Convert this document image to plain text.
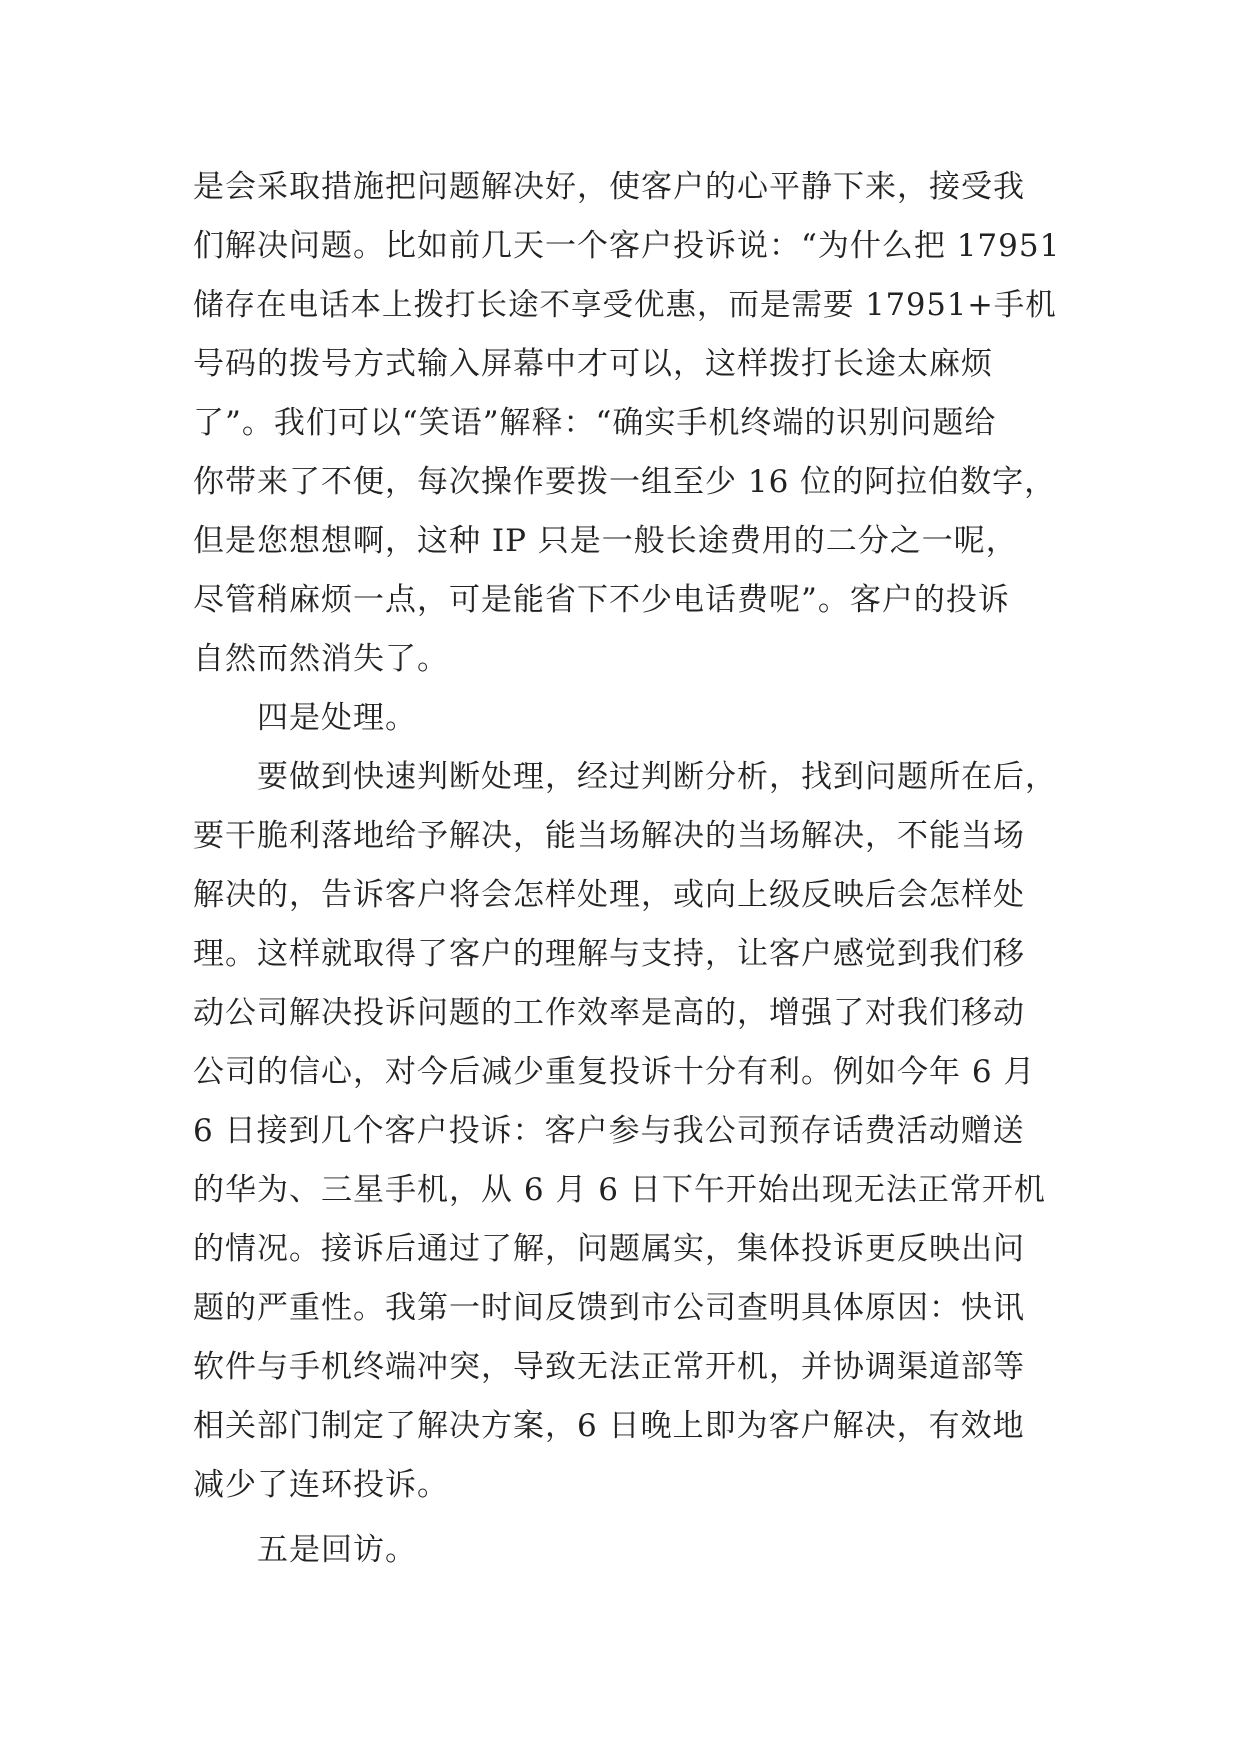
是会采取措施把问题解决好，使客户的心平静下来，接受我
们解决问题。比如前几天一个客户投诉说：“为什么把 17951
储存在电话本上拨打长途不享受优惠，而是需要 17951+手机
号码的拨号方式输入屏幕中才可以，这样拨打长途太麻烦
了”。我们可以“笑语”解释：“确实手机终端的识别问题给
你带来了不便，每次操作要拨一组至少 16 位的阿拉伯数字，
但是您想想啊，这种 IP 只是一般长途费用的二分之一呢，
尽管稍麻烦一点，可是能省下不少电话费呢”。客户的投诉
自然而然消失了。
四是处理。
要做到快速判断处理，经过判断分析，找到问题所在后，
要干脆利落地给予解决，能当场解决的当场解决，不能当场
解决的，告诉客户将会怎样处理，或向上级反映后会怎样处
理。这样就取得了客户的理解与支持，让客户感觉到我们移
动公司解决投诉问题的工作效率是高的，增强了对我们移动
公司的信心，对今后减少重复投诉十分有利。例如今年 6 月
6 日接到几个客户投诉：客户参与我公司预存话费活动赠送
的华为、三星手机，从 6 月 6 日下午开始出现无法正常开机
的情况。接诉后通过了解，问题属实，集体投诉更反映出问
题的严重性。我第一时间反馈到市公司查明具体原因：快讯
软件与手机终端冲突，导致无法正常开机，并协调渠道部等
相关部门制定了解决方案，6 日晚上即为客户解决，有效地
减少了连环投诉。
五是回访。
